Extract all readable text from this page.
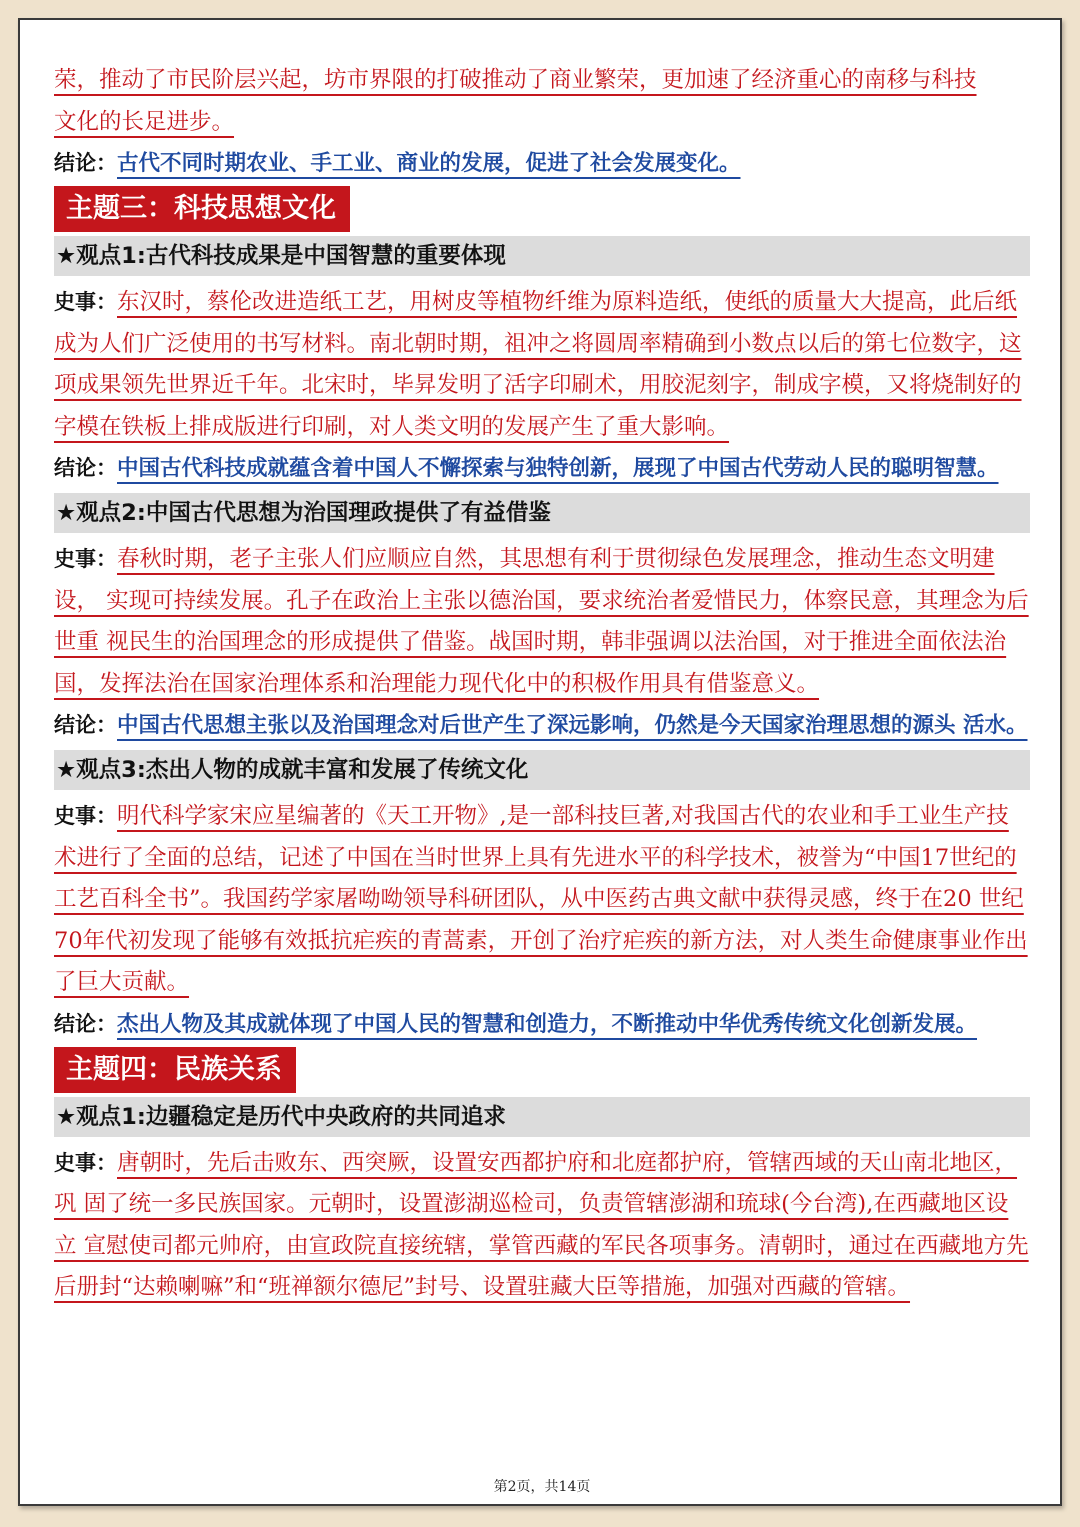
荣，推动了市民阶层兴起，坊市界限的打破推动了商业繁荣，更加速了经济重心的南移与科技
文化的长足进步。
结论：古代不同时期农业、手工业、商业的发展，促进了社会发展变化。
主题三：科技思想文化
★观点1:古代科技成果是中国智慧的重要体现
史事：东汉时，蔡伦改进造纸工艺，用树皮等植物纤维为原料造纸，使纸的质量大大提高，此后纸成为人们广泛使用的书写材料。南北朝时期，祖冲之将圆周率精确到小数点以后的第七位数字，这项成果领先世界近千年。北宋时，毕昇发明了活字印刷术，用胶泥刻字，制成字模，又将烧制好的字模在铁板上排成版进行印刷，对人类文明的发展产生了重大影响。
结论：中国古代科技成就蕴含着中国人不懈探索与独特创新，展现了中国古代劳动人民的聪明智慧。
★观点2:中国古代思想为治国理政提供了有益借鉴
史事：春秋时期，老子主张人们应顺应自然，其思想有利于贯彻绿色发展理念，推动生态文明建设， 实现可持续发展。孔子在政治上主张以德治国，要求统治者爱惜民力，体察民意，其理念为后世重 视民生的治国理念的形成提供了借鉴。战国时期，韩非强调以法治国，对于推进全面依法治国，发挥法治在国家治理体系和治理能力现代化中的积极作用具有借鉴意义。
结论：中国古代思想主张以及治国理念对后世产生了深远影响，仍然是今天国家治理思想的源头 活水。
★观点3:杰出人物的成就丰富和发展了传统文化
史事：明代科学家宋应星编著的《天工开物》,是一部科技巨著,对我国古代的农业和手工业生产技 术进行了全面的总结，记述了中国在当时世界上具有先进水平的科学技术，被誉为“中国17世纪的工艺百科全书”。我国药学家屠呦呦领导科研团队，从中医药古典文献中获得灵感，终于在20 世纪70年代初发现了能够有效抵抗疟疾的青蒿素，开创了治疗疟疾的新方法，对人类生命健康事业作出了巨大贡献。
结论：杰出人物及其成就体现了中国人民的智慧和创造力，不断推动中华优秀传统文化创新发展。
主题四：民族关系
★观点1:边疆稳定是历代中央政府的共同追求
史事：唐朝时，先后击败东、西突厥，设置安西都护府和北庭都护府，管辖西域的天山南北地区，巩 固了统一多民族国家。元朝时，设置澎湖巡检司，负责管辖澎湖和琉球(今台湾),在西藏地区设立 宣慰使司都元帅府，由宣政院直接统辖，掌管西藏的军民各项事务。清朝时，通过在西藏地方先后册封“达赖喇嘛”和“班禅额尔德尼”封号、设置驻藏大臣等措施，加强对西藏的管辖。
第2页，共14页
